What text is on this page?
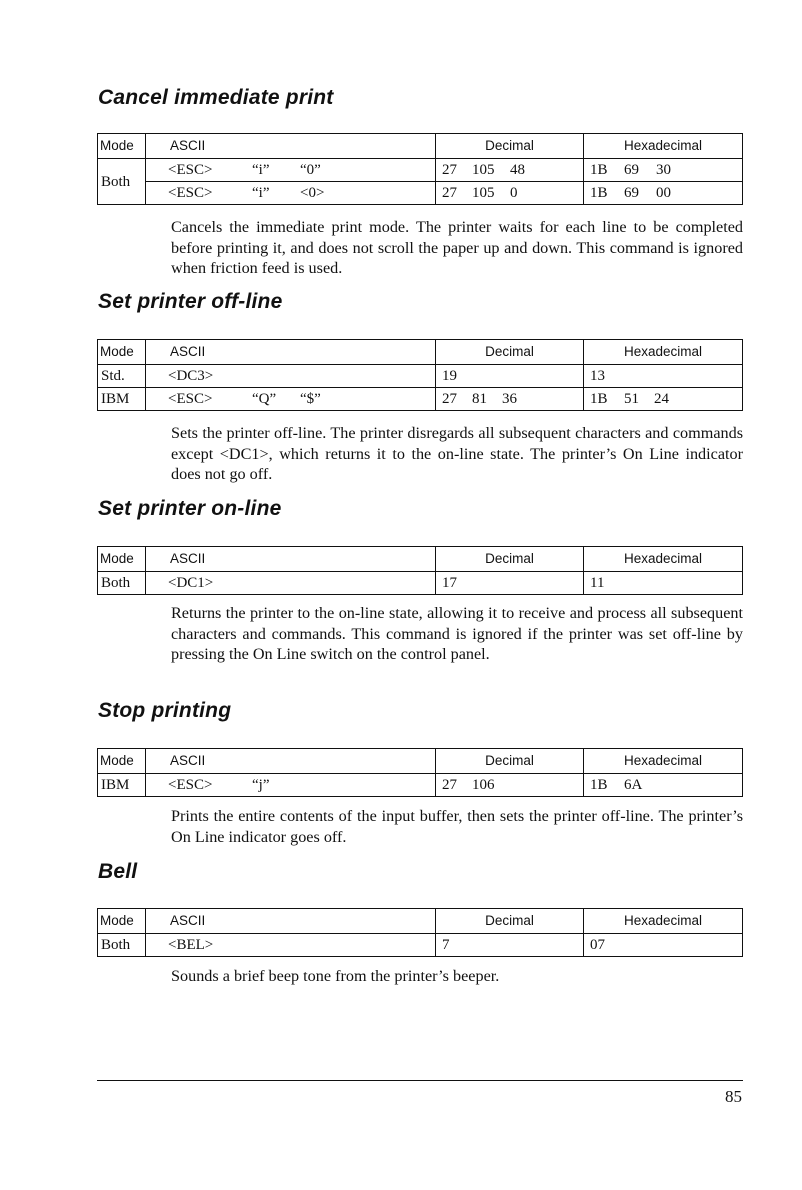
Cancel immediate print
Mode	ASCII	Decimal	Hexadecimal
Both	<ESC> “i” “0”	27 105 48	1B 69 30
	<ESC> “i” <0>	27 105 0	1B 69 00

Cancels the immediate print mode. The printer waits for each line to be completed before printing it, and does not scroll the paper up and down. This command is ignored when friction feed is used.

Set printer off-line
Mode	ASCII	Decimal	Hexadecimal
Std.	<DC3>	19	13
IBM	<ESC> “Q” “$”	27 81 36	1B 51 24

Sets the printer off-line. The printer disregards all subsequent characters and commands except <DC1>, which returns it to the on-line state. The printer’s On Line indicator does not go off.

Set printer on-line
Mode	ASCII	Decimal	Hexadecimal
Both	<DC1>	17	11

Returns the printer to the on-line state, allowing it to receive and process all subsequent characters and commands. This command is ignored if the printer was set off-line by pressing the On Line switch on the control panel.

Stop printing
Mode	ASCII	Decimal	Hexadecimal
IBM	<ESC> “j”	27 106	1B 6A

Prints the entire contents of the input buffer, then sets the printer off-line. The printer’s On Line indicator goes off.

Bell
Mode	ASCII	Decimal	Hexadecimal
Both	<BEL>	7	07

Sounds a brief beep tone from the printer’s beeper.

85
